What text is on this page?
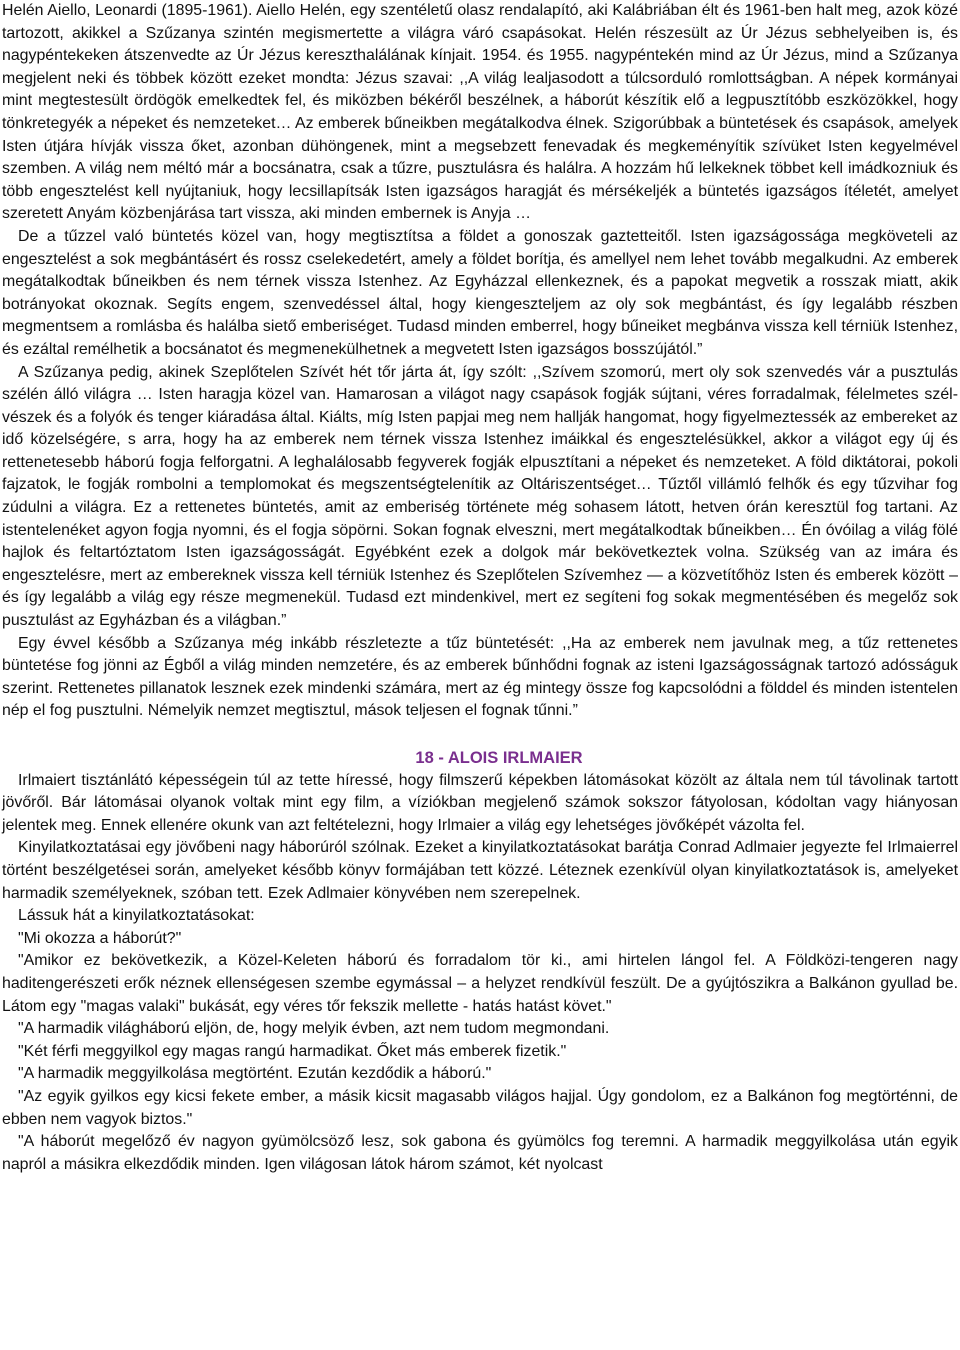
Helén Aiello, Leonardi (1895-1961). Aiello Helén, egy szentéletű olasz rendalapító, aki Kalábriában élt és 1961-ben halt meg, azok közé tartozott, akikkel a Szűzanya szintén megismertette a világra váró csapásokat. Helén részesült az Úr Jézus sebhelyeiben is, és nagypéntekeken átszenvedte az Úr Jézus kereszthalálának kínjait. 1954. és 1955. nagypéntekén mind az Úr Jézus, mind a Szűzanya megjelent neki és többek között ezeket mondta: Jézus szavai: ,,A világ lealjasodott a túlcsorduló romlottságban. A népek kormányai mint megtestesült ördögök emelkedtek fel, és miközben békéről beszélnek, a háborút készítik elő a legpusztítóbb eszközökkel, hogy tönkretegyék a népeket és nemzeteket… Az emberek bűneikben megátalkodva élnek. Szigorúbbak a büntetések és csapások, amelyek Isten útjára hívják vissza őket, azonban dühöngenek, mint a megsebzett fenevadak és megkeményítik szívüket Isten kegyelmével szemben. A világ nem méltó már a bocsánatra, csak a tűzre, pusztulásra és halálra. A hozzám hű lelkeknek többet kell imádkozniuk és több engesztelést kell nyújtaniuk, hogy lecsillapítsák Isten igazságos haragját és mérsékeljék a büntetés igazságos ítéletét, amelyet szeretett Anyám közbenjárása tart vissza, aki minden embernek is Anyja …

De a tűzzel való büntetés közel van, hogy megtisztítsa a földet a gonoszak gaztetteitől. Isten igazságossága megköveteli az engesztelést a sok megbántásért és rossz cselekedetért, amely a földet borítja, és amellyel nem lehet tovább megalkudni. Az emberek megátalkodtak bűneikben és nem térnek vissza Istenhez. Az Egyházzal ellenkeznek, és a papokat megvetik a rosszak miatt, akik botrányokat okoznak. Segíts engem, szenvedéssel által, hogy kiengeszteljem az oly sok megbántást, és így legalább részben megmentsem a romlásba és halálba siető emberiséget. Tudasd minden emberrel, hogy bűneiket megbánva vissza kell térniük Istenhez, és ezáltal remélhetik a bocsánatot és megmenekülhetnek a megvetett Isten igazságos bosszújától.”

A Szűzanya pedig, akinek Szeplőtelen Szívét hét tőr járta át, így szólt: ,,Szívem szomorú, mert oly sok szenvedés vár a pusztulás szélén álló világra … Isten haragja közel van. Hamarosan a világot nagy csapások fogják sújtani, véres forradalmak, félelmetes szél-vészek és a folyók és tenger kiáradása által. Kiálts, míg Isten papjai meg nem hallják hangomat, hogy figyelmeztessék az embereket az idő közelségére, s arra, hogy ha az emberek nem térnek vissza Istenhez imáikkal és engesztelésükkel, akkor a világot egy új és rettenetesebb háború fogja felforgatni. A leghalálosabb fegyverek fogják elpusztítani a népeket és nemzeteket. A föld diktátorai, pokoli fajzatok, le fogják rombolni a templomokat és megszentségtelenítik az Oltáriszentséget… Tűztől villámló felhők és egy tűzvihar fog zúdulni a világra. Ez a rettenetes büntetés, amit az emberiség története még sohasem látott, hetven órán keresztül fog tartani. Az istentelenéket agyon fogja nyomni, és el fogja söpörni. Sokan fognak elveszni, mert megátalkodtak bűneikben… Én óvóilag a világ fölé hajlok és feltartóztatom Isten igazságosságát. Egyébként ezek a dolgok már bekövetkeztek volna. Szükség van az imára és engesztelésre, mert az embereknek vissza kell térniük Istenhez és Szeplőtelen Szívemhez — a közvetítőhöz Isten és emberek között – és így legalább a világ egy része megmenekül. Tudasd ezt mindenkivel, mert ez segíteni fog sokak megmentésében és megelőz sok pusztulást az Egyházban és a világban.”

Egy évvel később a Szűzanya még inkább részletezte a tűz büntetését: ,,Ha az emberek nem javulnak meg, a tűz rettenetes büntetése fog jönni az Égből a világ minden nemzetére, és az emberek bűnhődni fognak az isteni Igazságosságnak tartozó adósságuk szerint. Rettenetes pillanatok lesznek ezek mindenki számára, mert az ég mintegy össze fog kapcsolódni a földdel és minden istentelen nép el fog pusztulni. Némelyik nemzet megtisztul, mások teljesen el fognak tűnni.”

18 - ALOIS IRLMAIER

Irlmaiert tisztánlátó képességein túl az tette híressé, hogy filmszerű képekben látomásokat közölt az általa nem túl távolinak tartott jövőről. Bár látomásai olyanok voltak mint egy film, a víziókban megjelenő számok sokszor fátyolosan, kódoltan vagy hiányosan jelentek meg. Ennek ellenére okunk van azt feltételezni, hogy Irlmaier a világ egy lehetséges jövőképét vázolta fel.

Kinyilatkoztatásai egy jövőbeni nagy háborúról szólnak. Ezeket a kinyilatkoztatásokat barátja Conrad Adlmaier jegyezte fel Irlmaierrel történt beszélgetései során, amelyeket később könyv formájában tett közzé. Léteznek ezenkívül olyan kinyilatkoztatások is, amelyeket harmadik személyeknek, szóban tett. Ezek Adlmaier könyvében nem szerepelnek.

Lássuk hát a kinyilatkoztatásokat:

"Mi okozza a háborút?"

"Amikor ez bekövetkezik, a Közel-Keleten háború és forradalom tör ki., ami hirtelen lángol fel. A Földközi-tengeren nagy haditengerészeti erők néznek ellenségesen szembe egymással – a helyzet rendkívül feszült. De a gyújtószikra a Balkánon gyullad be. Látom egy "magas valaki" bukását, egy véres tőr fekszik mellette - hatás hatást követ."

"A harmadik világháború eljön, de, hogy melyik évben, azt nem tudom megmondani.

"Két férfi meggyilkol egy magas rangú harmadikat. Őket más emberek fizetik."

"A harmadik meggyilkolása megtörtént. Ezután kezdődik a háború."

"Az egyik gyilkos egy kicsi fekete ember, a másik kicsit magasabb világos hajjal. Úgy gondolom, ez a Balkánon fog megtörténni, de ebben nem vagyok biztos."

"A háborút megelőző év nagyon gyümölcsöző lesz, sok gabona és gyümölcs fog teremni. A harmadik meggyilkolása után egyik napról a másikra elkezdődik minden. Igen világosan látok három számot, két nyolcast
